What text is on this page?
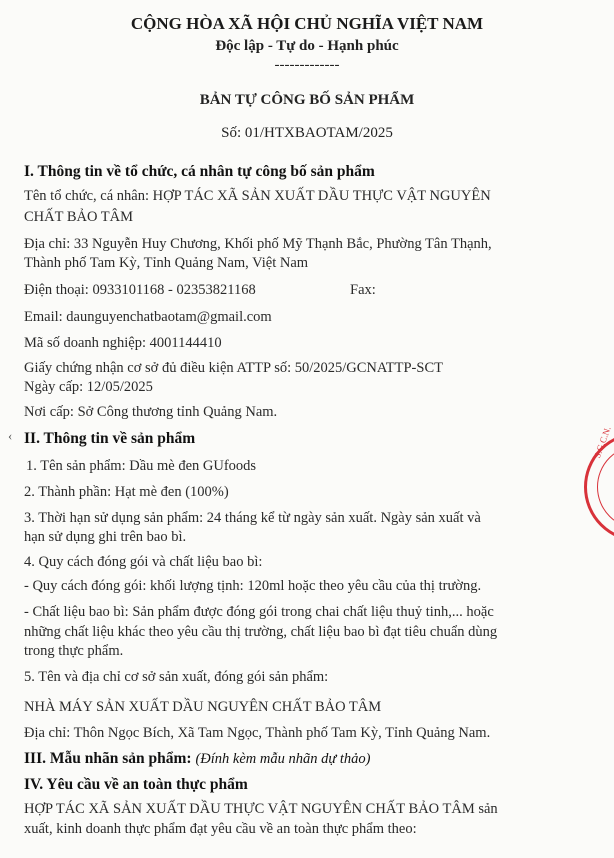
CỘNG HÒA XÃ HỘI CHỦ NGHĨA VIỆT NAM
Độc lập - Tự do - Hạnh phúc
-------------
BẢN TỰ CÔNG BỐ SẢN PHẨM
Số: 01/HTXBAOTAM/2025
I. Thông tin về tổ chức, cá nhân tự công bố sản phẩm
Tên tổ chức, cá nhân: HỢP TÁC XÃ SẢN XUẤT DẦU THỰC VẬT NGUYÊN
CHẤT BẢO TÂM
Địa chỉ: 33 Nguyễn Huy Chương, Khối phố Mỹ Thạnh Bắc, Phường Tân Thạnh,
Thành phố Tam Kỳ, Tỉnh Quảng Nam, Việt Nam
Điện thoại: 0933101168 - 02353821168	Fax:
Email: daunguyenchatbaotam@gmail.com
Mã số doanh nghiệp: 4001144410
Giấy chứng nhận cơ sở đủ điều kiện ATTP số: 50/2025/GCNATTP-SCT
Ngày cấp: 12/05/2025
Nơi cấp: Sở Công thương tỉnh Quảng Nam.
‹ II. Thông tin về sản phẩm
1. Tên sản phẩm: Dầu mè đen GUfoods
2. Thành phần: Hạt mè đen (100%)
3. Thời hạn sử dụng sản phẩm: 24 tháng kể từ ngày sản xuất. Ngày sản xuất và
hạn sử dụng ghi trên bao bì.
4. Quy cách đóng gói và chất liệu bao bì:
- Quy cách đóng gói: khối lượng tịnh: 120ml hoặc theo yêu cầu của thị trường.
- Chất liệu bao bì: Sản phẩm được đóng gói trong chai chất liệu thuỷ tinh,... hoặc
những chất liệu khác theo yêu cầu thị trường, chất liệu bao bì đạt tiêu chuẩn dùng
trong thực phẩm.
5. Tên và địa chỉ cơ sở sản xuất, đóng gói sản phẩm:
NHÀ MÁY SẢN XUẤT DẦU NGUYÊN CHẤT BẢO TÂM
Địa chỉ: Thôn Ngọc Bích, Xã Tam Ngọc, Thành phố Tam Kỳ, Tỉnh Quảng Nam.
III. Mẫu nhãn sản phẩm: (Đính kèm mẫu nhãn dự thảo)
IV. Yêu cầu về an toàn thực phẩm
HỢP TÁC XÃ SẢN XUẤT DẦU THỰC VẬT NGUYÊN CHẤT BẢO TÂM sản
xuất, kinh doanh thực phẩm đạt yêu cầu về an toàn thực phẩm theo:
S.G.C.N.
